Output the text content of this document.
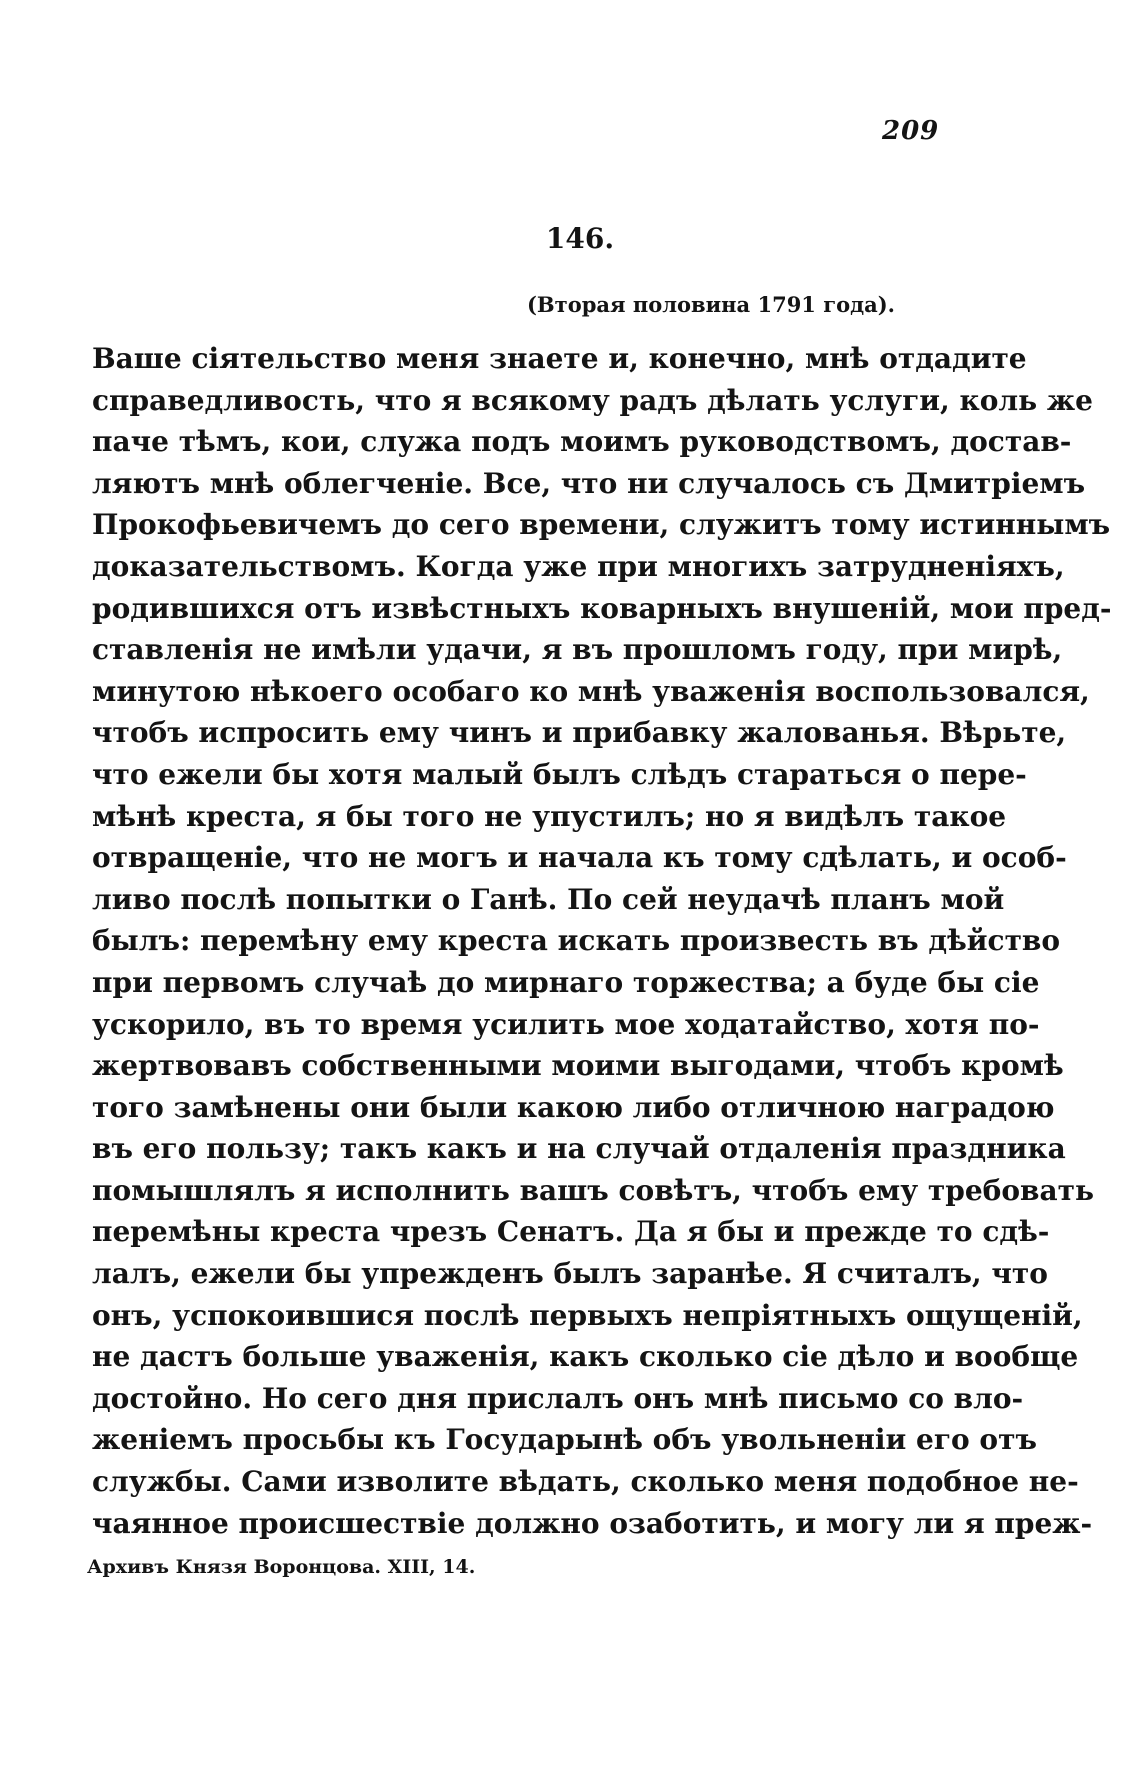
209
146.
(Вторая половина 1791 года).
Ваше сіятельство меня знаете и, конечно, мнѣ отдадите
справедливость, что я всякому радъ дѣлать услуги, коль же
паче тѣмъ, кои, служа подъ моимъ руководствомъ, достав-
ляютъ мнѣ облегченіе. Все, что ни случалось съ Дмитріемъ
Прокофьевичемъ до сего времени, служитъ тому истиннымъ
доказательствомъ. Когда уже при многихъ затрудненіяхъ,
родившихся отъ извѣстныхъ коварныхъ внушеній, мои пред-
ставленія не имѣли удачи, я въ прошломъ году, при мирѣ,
минутою нѣкоего особаго ко мнѣ уваженія воспользовался,
чтобъ испросить ему чинъ и прибавку жалованья. Вѣрьте,
что ежели бы хотя малый былъ слѣдъ стараться о пере-
мѣнѣ креста, я бы того не упустилъ; но я видѣлъ такое
отвращеніе, что не могъ и начала къ тому сдѣлать, и особ-
ливо послѣ попытки о Ганѣ. По сей неудачѣ планъ мой
былъ: перемѣну ему креста искать произвесть въ дѣйство
при первомъ случаѣ до мирнаго торжества; а буде бы сіе
ускорило, въ то время усилить мое ходатайство, хотя по-
жертвовавъ собственными моими выгодами, чтобъ кромѣ
того замѣнены они были какою либо отличною наградою
въ его пользу; такъ какъ и на случай отдаленія праздника
помышлялъ я исполнить вашъ совѣтъ, чтобъ ему требовать
перемѣны креста чрезъ Сенатъ. Да я бы и прежде то сдѣ-
лалъ, ежели бы упрежденъ былъ заранѣе. Я считалъ, что
онъ, успокоившися послѣ первыхъ непріятныхъ ощущеній,
не дастъ больше уваженія, какъ сколько сіе дѣло и вообще
достойно. Но сего дня прислалъ онъ мнѣ письмо со вло-
женіемъ просьбы къ Государынѣ объ увольненіи его отъ
службы. Сами изволите вѣдать, сколько меня подобное не-
чаянное происшествіе должно озаботить, и могу ли я преж-
Архивъ Князя Воронцова. XIII, 14.
